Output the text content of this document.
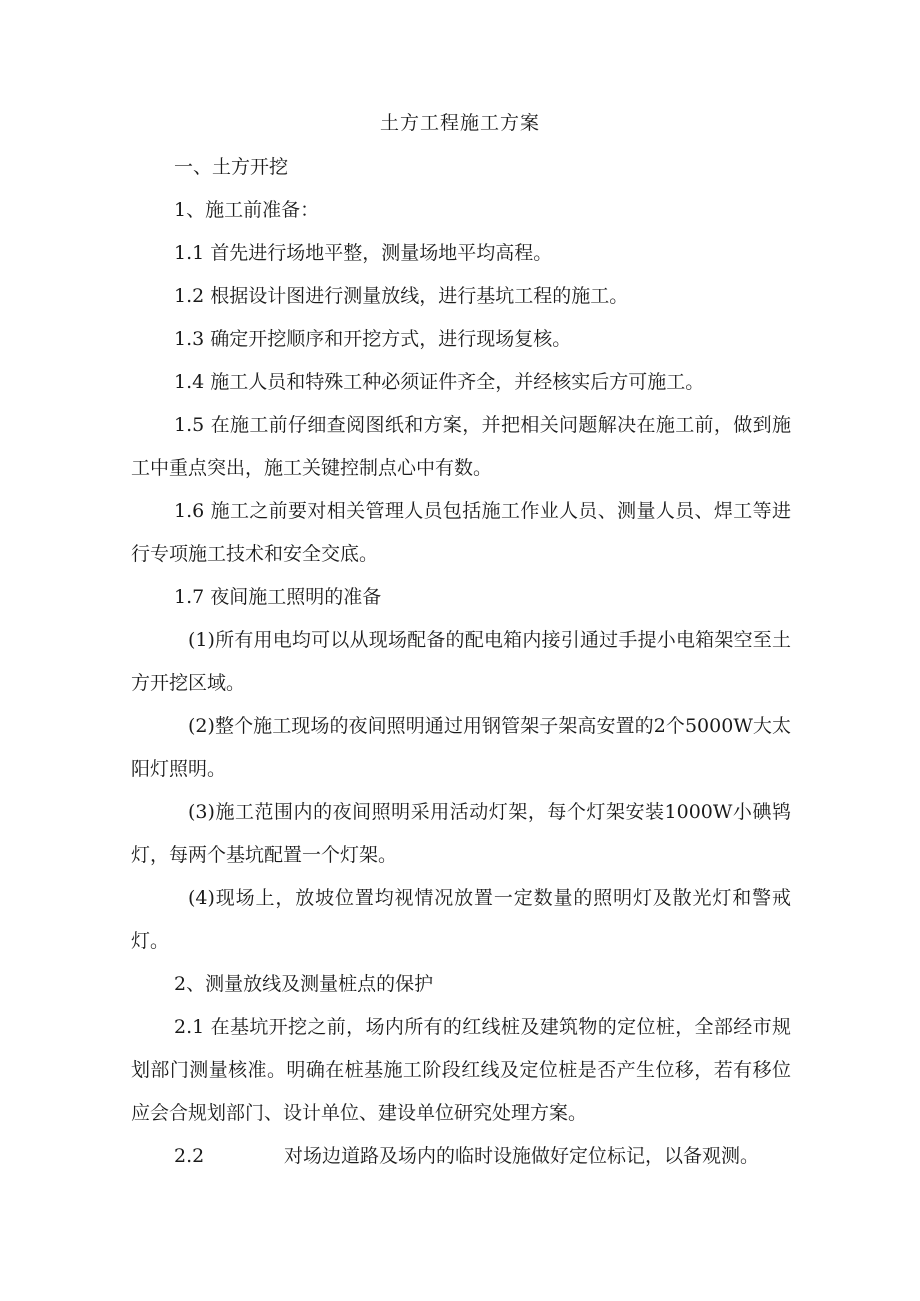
土方工程施工方案

一、土方开挖

1、施工前准备：

1.1 首先进行场地平整，测量场地平均高程。

1.2 根据设计图进行测量放线，进行基坑工程的施工。

1.3 确定开挖顺序和开挖方式，进行现场复核。

1.4 施工人员和特殊工种必须证件齐全，并经核实后方可施工。

1.5 在施工前仔细查阅图纸和方案，并把相关问题解决在施工前，做到施工中重点突出，施工关键控制点心中有数。

1.6 施工之前要对相关管理人员包括施工作业人员、测量人员、焊工等进行专项施工技术和安全交底。

1.7 夜间施工照明的准备

(1)所有用电均可以从现场配备的配电箱内接引通过手提小电箱架空至土方开挖区域。

(2)整个施工现场的夜间照明通过用钢管架子架高安置的2个5000W大太阳灯照明。

(3)施工范围内的夜间照明采用活动灯架，每个灯架安装1000W小碘鸨灯，每两个基坑配置一个灯架。

(4)现场上，放坡位置均视情况放置一定数量的照明灯及散光灯和警戒灯。

2、测量放线及测量桩点的保护

2.1 在基坑开挖之前，场内所有的红线桩及建筑物的定位桩，全部经市规划部门测量核准。明确在桩基施工阶段红线及定位桩是否产生位移，若有移位应会合规划部门、设计单位、建设单位研究处理方案。

2.2	对场边道路及场内的临时设施做好定位标记，以备观测。
